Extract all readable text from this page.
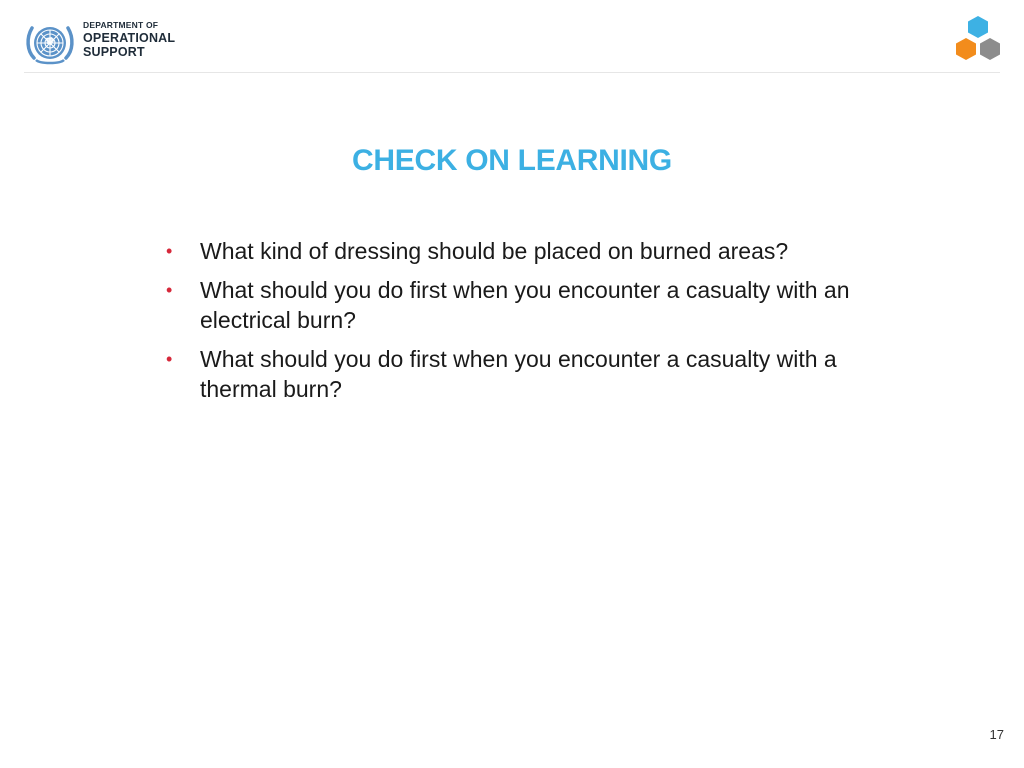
DEPARTMENT OF
OPERATIONAL
SUPPORT
CHECK ON LEARNING
• What kind of dressing should be placed on burned areas?
• What should you do first when you encounter a casualty with an electrical burn?
• What should you do first when you encounter a casualty with a thermal burn?
17
